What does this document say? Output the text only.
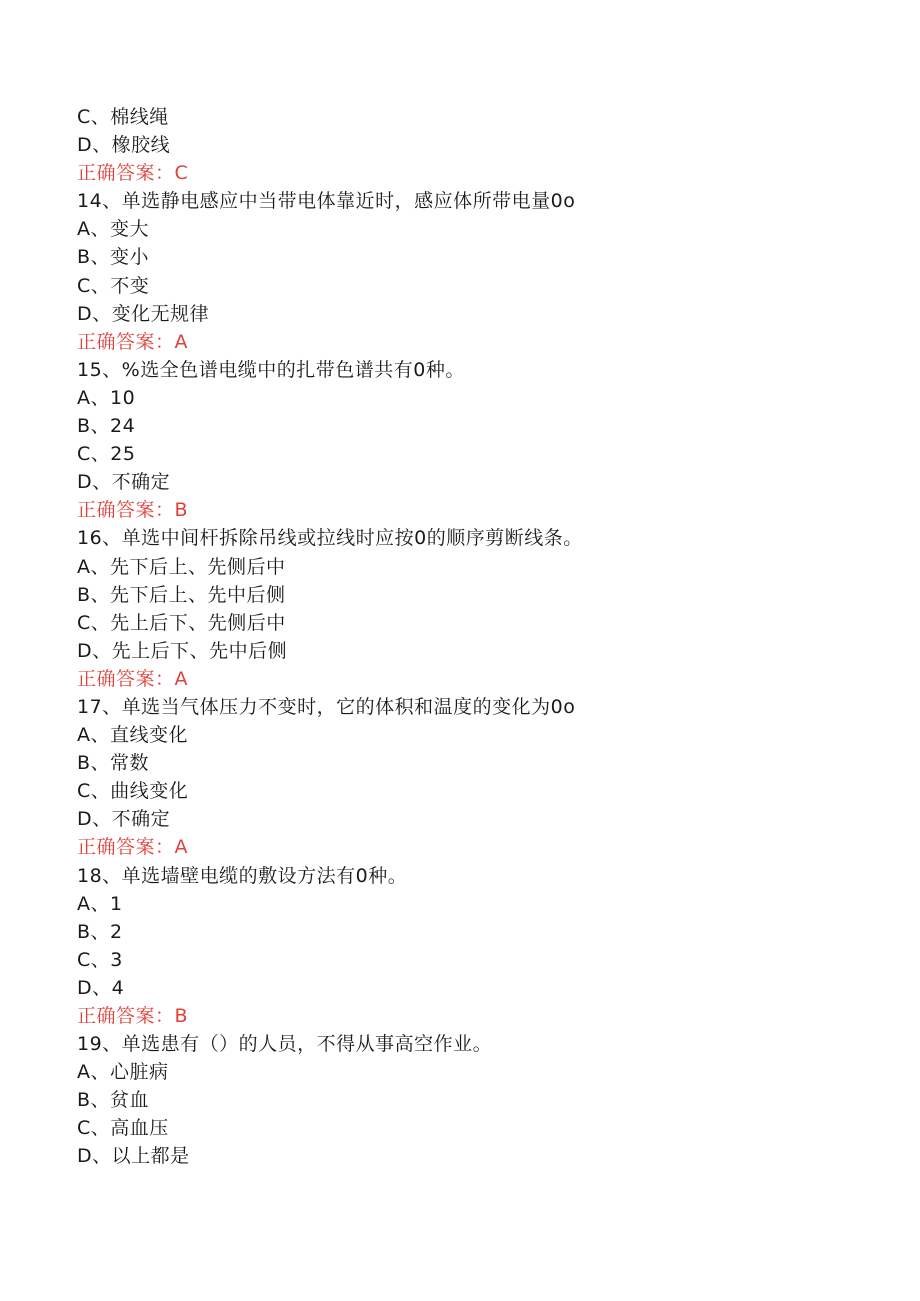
C、棉线绳
D、橡胶线
正确答案：C
14、单选静电感应中当带电体靠近时，感应体所带电量0o
A、变大
B、变小
C、不变
D、变化无规律
正确答案：A
15、%选全色谱电缆中的扎带色谱共有0种。
A、10
B、24
C、25
D、不确定
正确答案：B
16、单选中间杆拆除吊线或拉线时应按0的顺序剪断线条。
A、先下后上、先侧后中
B、先下后上、先中后侧
C、先上后下、先侧后中
D、先上后下、先中后侧
正确答案：A
17、单选当气体压力不变时，它的体积和温度的变化为0o
A、直线变化
B、常数
C、曲线变化
D、不确定
正确答案：A
18、单选墙壁电缆的敷设方法有0种。
A、1
B、2
C、3
D、4
正确答案：B
19、单选患有（）的人员，不得从事高空作业。
A、心脏病
B、贫血
C、高血压
D、以上都是
